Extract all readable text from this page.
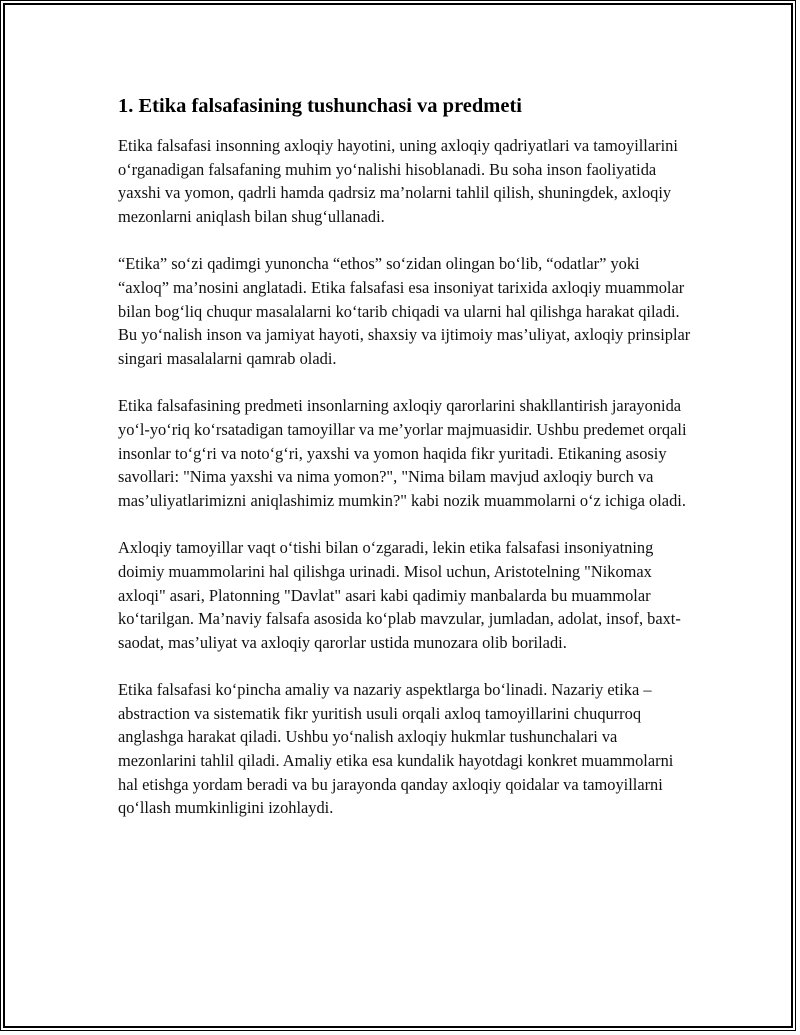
1. Etika falsafasining tushunchasi va predmeti

Etika falsafasi insonning axloqiy hayotini, uning axloqiy qadriyatlari va tamoyillarini o‘rganadigan falsafaning muhim yo‘nalishi hisoblanadi. Bu soha inson faoliyatida yaxshi va yomon, qadrli hamda qadrsiz ma’nolarni tahlil qilish, shuningdek, axloqiy mezonlarni aniqlash bilan shug‘ullanadi.

“Etika” so‘zi qadimgi yunoncha “ethos” so‘zidan olingan bo‘lib, “odatlar” yoki “axloq” ma’nosini anglatadi. Etika falsafasi esa insoniyat tarixida axloqiy muammolar bilan bog‘liq chuqur masalalarni ko‘tarib chiqadi va ularni hal qilishga harakat qiladi. Bu yo‘nalish inson va jamiyat hayoti, shaxsiy va ijtimoiy mas’uliyat, axloqiy prinsiplar singari masalalarni qamrab oladi.

Etika falsafasining predmeti insonlarning axloqiy qarorlarini shakllantirish jarayonida yo‘l-yo‘riq ko‘rsatadigan tamoyillar va me’yorlar majmuasidir. Ushbu predemet orqali insonlar to‘g‘ri va noto‘g‘ri, yaxshi va yomon haqida fikr yuritadi. Etikaning asosiy savollari: "Nima yaxshi va nima yomon?", "Nima bilam mavjud axloqiy burch va mas’uliyatlarimizni aniqlashimiz mumkin?" kabi nozik muammolarni o‘z ichiga oladi.

Axloqiy tamoyillar vaqt o‘tishi bilan o‘zgaradi, lekin etika falsafasi insoniyatning doimiy muammolarini hal qilishga urinadi. Misol uchun, Aristotelning "Nikomax axloqi" asari, Platonning "Davlat" asari kabi qadimiy manbalarda bu muammolar ko‘tarilgan. Ma’naviy falsafa asosida ko‘plab mavzular, jumladan, adolat, insof, baxt-saodat, mas’uliyat va axloqiy qarorlar ustida munozara olib boriladi.

Etika falsafasi ko‘pincha amaliy va nazariy aspektlarga bo‘linadi. Nazariy etika – abstraction va sistematik fikr yuritish usuli orqali axloq tamoyillarini chuqurroq anglashga harakat qiladi. Ushbu yo‘nalish axloqiy hukmlar tushunchalari va mezonlarini tahlil qiladi. Amaliy etika esa kundalik hayotdagi konkret muammolarni hal etishga yordam beradi va bu jarayonda qanday axloqiy qoidalar va tamoyillarni qo‘llash mumkinligini izohlaydi.
